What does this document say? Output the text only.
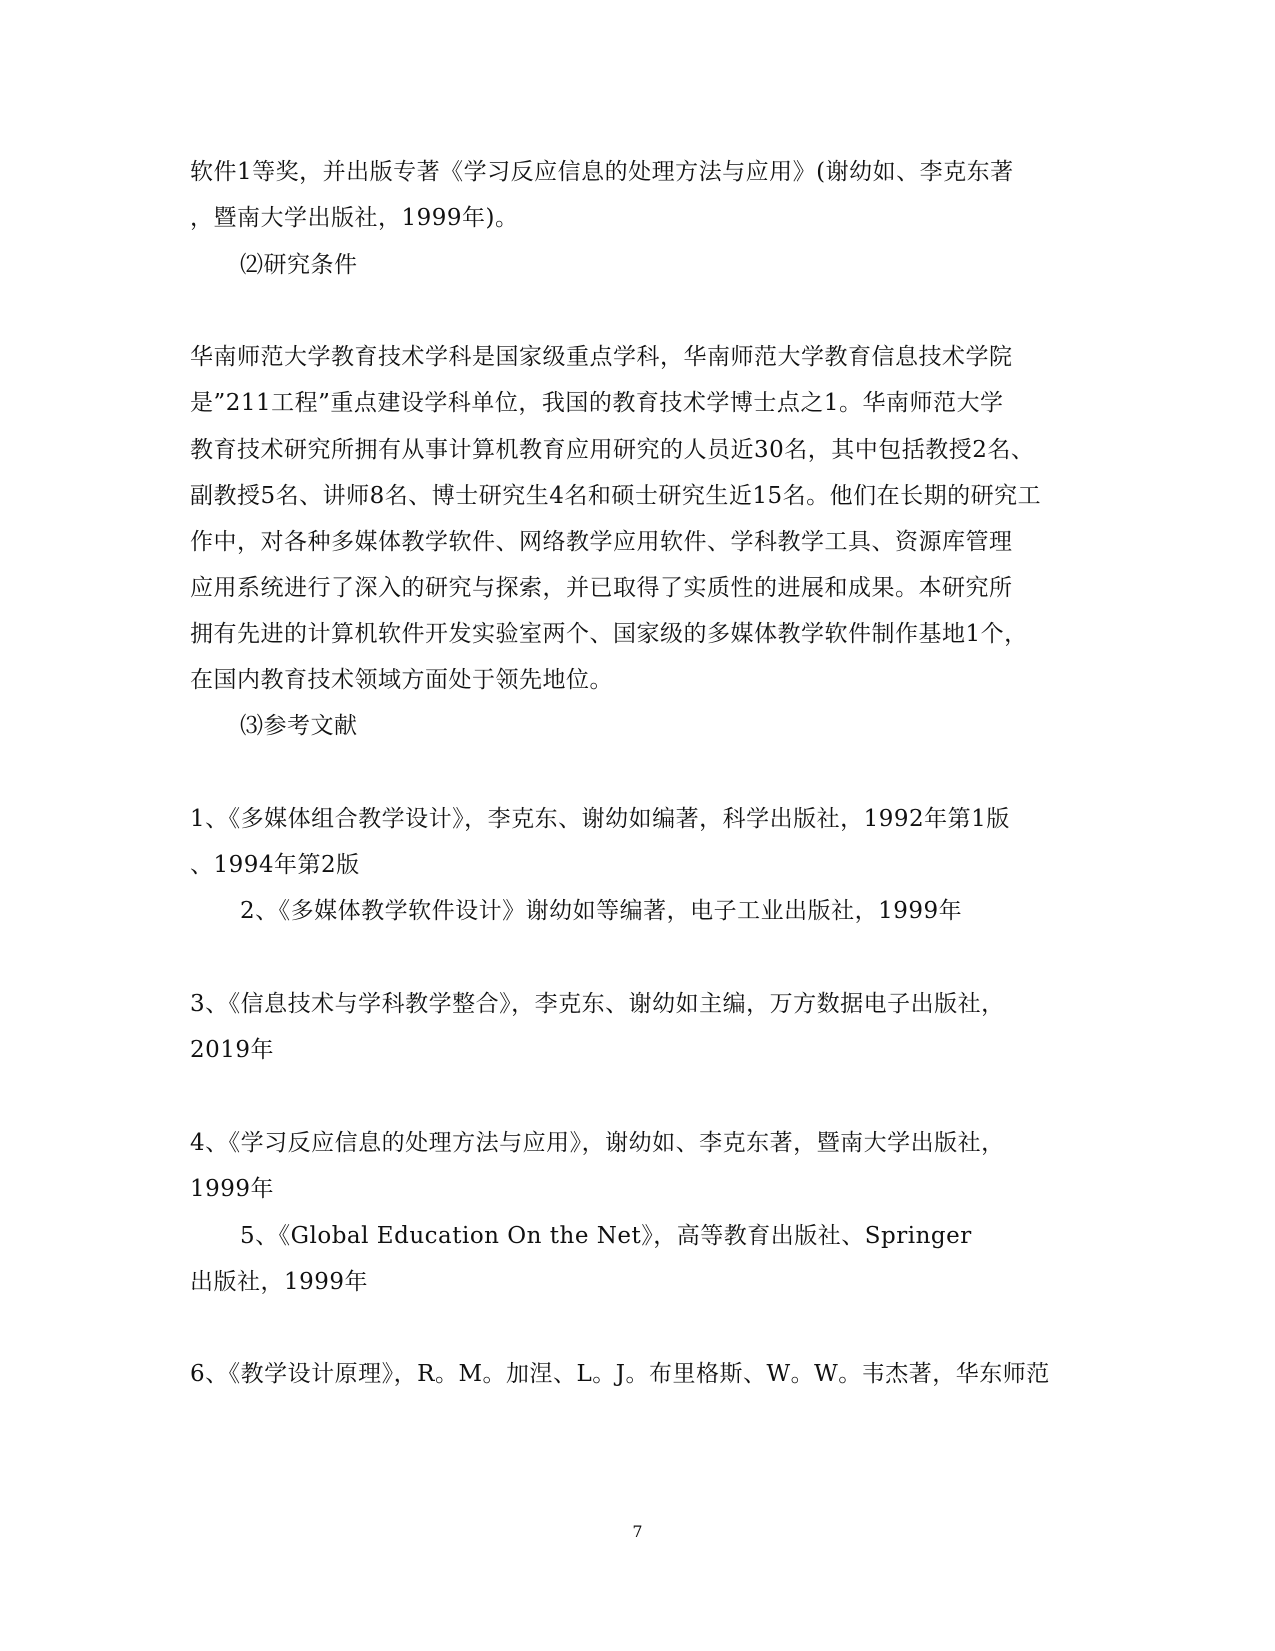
软件1等奖，并出版专著《学习反应信息的处理方法与应用》(谢幼如、李克东著
，暨南大学出版社，1999年)。
⑵研究条件
华南师范大学教育技术学科是国家级重点学科，华南师范大学教育信息技术学院
是”211工程”重点建设学科单位，我国的教育技术学博士点之1。华南师范大学
教育技术研究所拥有从事计算机教育应用研究的人员近30名，其中包括教授2名、
副教授5名、讲师8名、博士研究生4名和硕士研究生近15名。他们在长期的研究工
作中，对各种多媒体教学软件、网络教学应用软件、学科教学工具、资源库管理
应用系统进行了深入的研究与探索，并已取得了实质性的进展和成果。本研究所
拥有先进的计算机软件开发实验室两个、国家级的多媒体教学软件制作基地1个，
在国内教育技术领域方面处于领先地位。
⑶参考文献
1、《多媒体组合教学设计》，李克东、谢幼如编著，科学出版社，1992年第1版
、1994年第2版
2、《多媒体教学软件设计》谢幼如等编著，电子工业出版社，1999年
3、《信息技术与学科教学整合》，李克东、谢幼如主编，万方数据电子出版社，
2019年
4、《学习反应信息的处理方法与应用》，谢幼如、李克东著，暨南大学出版社，
1999年
5、《Global Education On the Net》，高等教育出版社、Springer
出版社，1999年
6、《教学设计原理》，R。M。加涅、L。J。布里格斯、W。W。韦杰著，华东师范
7
